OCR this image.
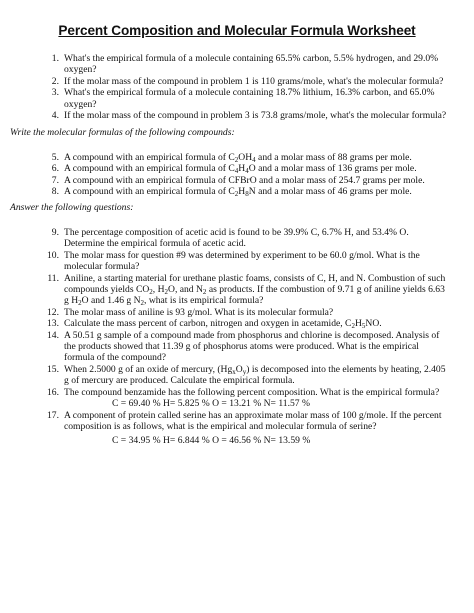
Percent Composition and Molecular Formula Worksheet
1. What's the empirical formula of a molecule containing 65.5% carbon, 5.5% hydrogen, and 29.0% oxygen?
2. If the molar mass of the compound in problem 1 is 110 grams/mole, what's the molecular formula?
3. What's the empirical formula of a molecule containing 18.7% lithium, 16.3% carbon, and 65.0% oxygen?
4. If the molar mass of the compound in problem 3 is 73.8 grams/mole, what's the molecular formula?
Write the molecular formulas of the following compounds:
5. A compound with an empirical formula of $C_2OH_4$ and a molar mass of 88 grams per mole.
6. A compound with an empirical formula of $C_4H_4O$ and a molar mass of 136 grams per mole.
7. A compound with an empirical formula of CFBrO and a molar mass of 254.7 grams per mole.
8. A compound with an empirical formula of $C_2H_8N$ and a molar mass of 46 grams per mole.
Answer the following questions:
9. The percentage composition of acetic acid is found to be 39.9% C, 6.7% H, and 53.4% O. Determine the empirical formula of acetic acid.
10. The molar mass for question #9 was determined by experiment to be 60.0 g/mol. What is the molecular formula?
11. Aniline, a starting material for urethane plastic foams, consists of C, H, and N. Combustion of such compounds yields $CO_2$, $H_2O$, and $N_2$ as products. If the combustion of 9.71 g of aniline yields 6.63 g $H_2O$ and 1.46 g $N_2$, what is its empirical formula?
12. The molar mass of aniline is 93 g/mol. What is its molecular formula?
13. Calculate the mass percent of carbon, nitrogen and oxygen in acetamide, $C_2H_5NO$.
14. A 50.51 g sample of a compound made from phosphorus and chlorine is decomposed. Analysis of the products showed that 11.39 g of phosphorus atoms were produced. What is the empirical formula of the compound?
15. When 2.5000 g of an oxide of mercury, $(Hg_xO_y)$ is decomposed into the elements by heating, 2.405 g of mercury are produced. Calculate the empirical formula.
16. The compound benzamide has the following percent composition. What is the empirical formula?
C = 69.40 % H= 5.825 % O = 13.21 % N= 11.57 %
17. A component of protein called serine has an approximate molar mass of 100 g/mole. If the percent composition is as follows, what is the empirical and molecular formula of serine?
C = 34.95 % H= 6.844 % O = 46.56 % N= 13.59 %
